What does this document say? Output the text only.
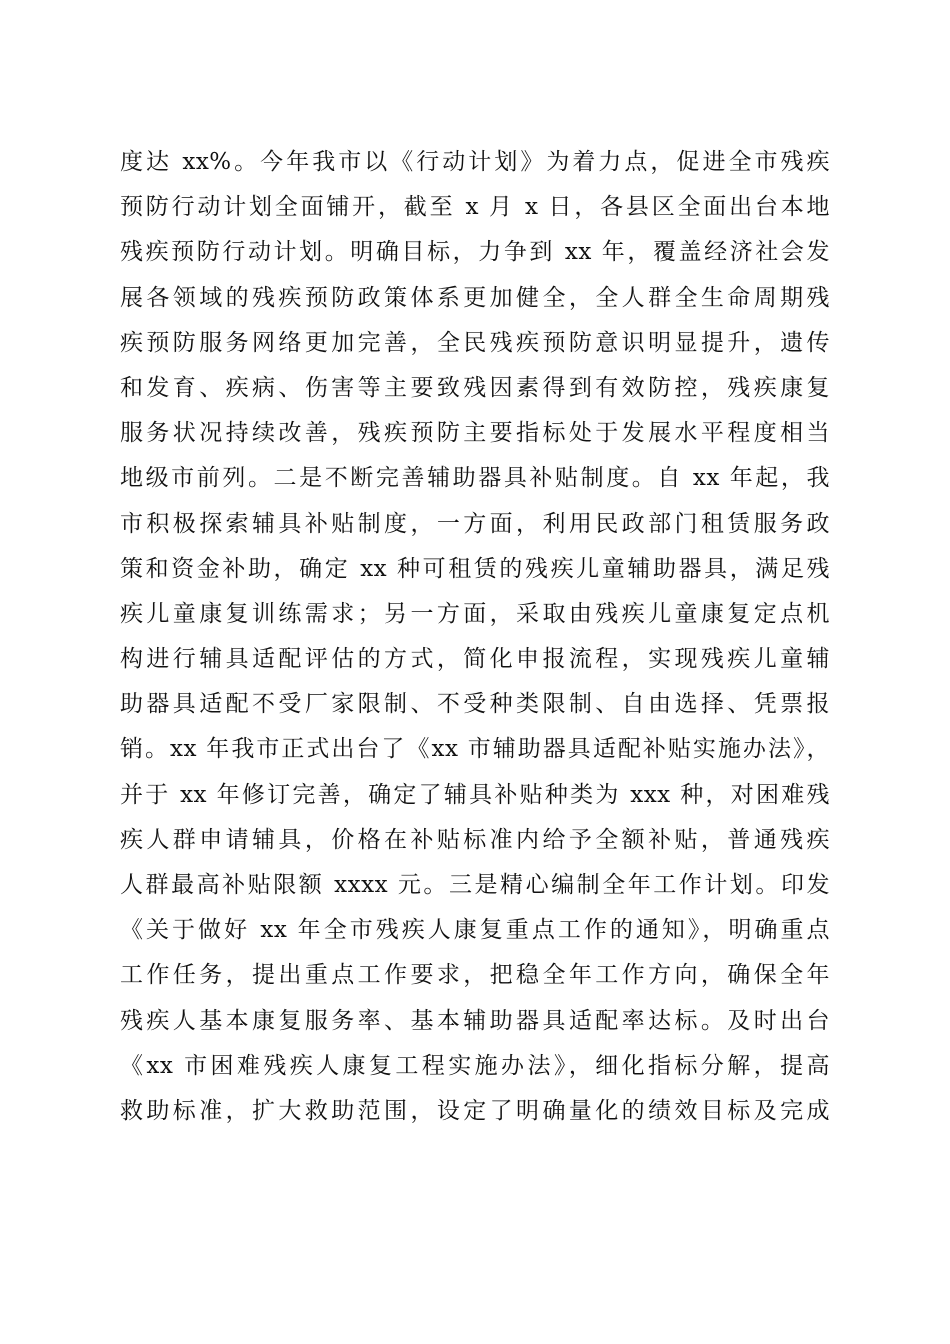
度达 xx%。今年我市以《行动计划》为着力点，促进全市残疾
预防行动计划全面铺开，截至 x 月 x 日，各县区全面出台本地
残疾预防行动计划。明确目标，力争到 xx 年，覆盖经济社会发
展各领域的残疾预防政策体系更加健全，全人群全生命周期残
疾预防服务网络更加完善，全民残疾预防意识明显提升，遗传
和发育、疾病、伤害等主要致残因素得到有效防控，残疾康复
服务状况持续改善，残疾预防主要指标处于发展水平程度相当
地级市前列。二是不断完善辅助器具补贴制度。自 xx 年起，我
市积极探索辅具补贴制度，一方面，利用民政部门租赁服务政
策和资金补助，确定 xx 种可租赁的残疾儿童辅助器具，满足残
疾儿童康复训练需求；另一方面，采取由残疾儿童康复定点机
构进行辅具适配评估的方式，简化申报流程，实现残疾儿童辅
助器具适配不受厂家限制、不受种类限制、自由选择、凭票报
销。xx 年我市正式出台了《xx 市辅助器具适配补贴实施办法》，
并于 xx 年修订完善，确定了辅具补贴种类为 xxx 种，对困难残
疾人群申请辅具，价格在补贴标准内给予全额补贴，普通残疾
人群最高补贴限额 xxxx 元。三是精心编制全年工作计划。印发
《关于做好 xx 年全市残疾人康复重点工作的通知》，明确重点
工作任务，提出重点工作要求，把稳全年工作方向，确保全年
残疾人基本康复服务率、基本辅助器具适配率达标。及时出台
《xx 市困难残疾人康复工程实施办法》，细化指标分解，提高
救助标准，扩大救助范围，设定了明确量化的绩效目标及完成
